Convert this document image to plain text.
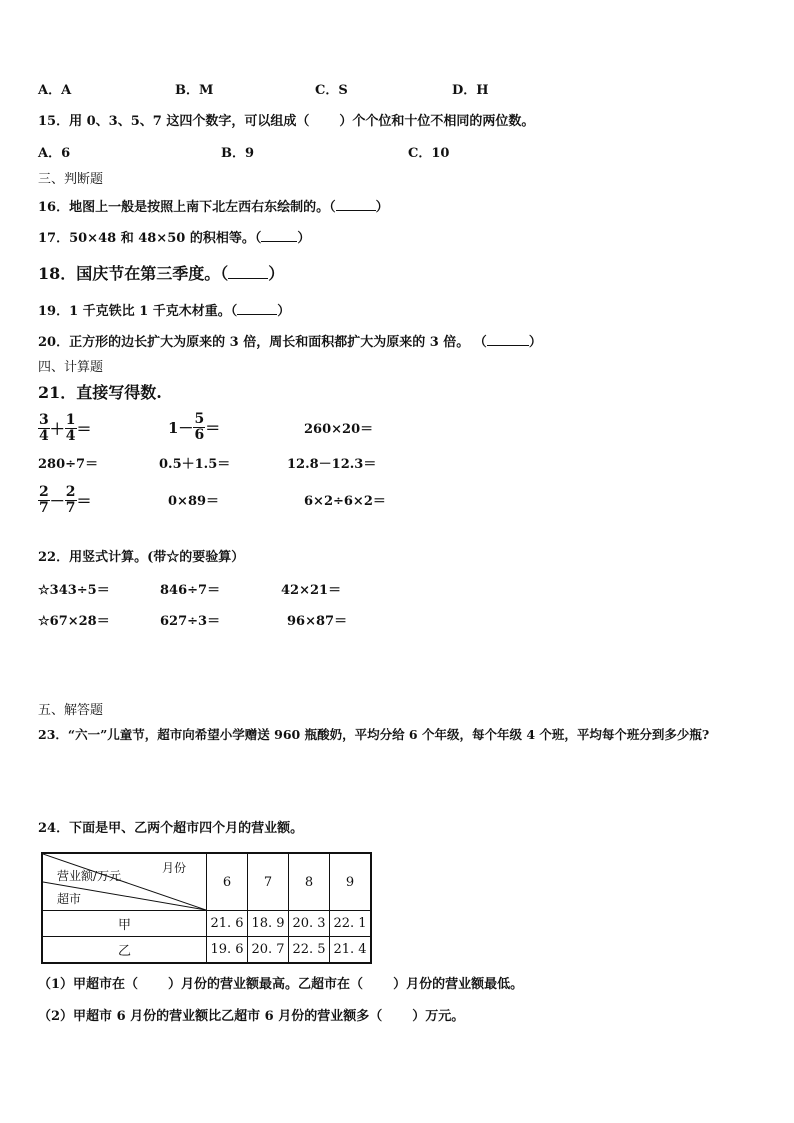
A．A	B．M	C．S	D．H
15．用 0、3、5、7 这四个数字，可以组成（ ）个个位和十位不相同的两位数。
A．6	B．9	C．10
三、判断题
16．地图上一般是按照上南下北左西右东绘制的。（	）
17．50×48 和 48×50 的积相等。（	）
18．国庆节在第三季度。（	）
19．1 千克铁比 1 千克木材重。（	）
20．正方形的边长扩大为原来的 3 倍，周长和面积都扩大为原来的 3 倍。 （	）
四、计算题
21．直接写得数.
$\frac{3}{4} + \frac{1}{4}$ ＝	$1- \frac{5}{6}$ ＝	260×20＝
280÷7＝	0.5＋1.5＝	12.8－12.3＝
$\frac{2}{7} - \frac{2}{7}$ ＝	0×89＝	6×2÷6×2＝
22．用竖式计算。(带☆的要验算）
☆343÷5＝	846÷7＝	42×21＝
☆67×28＝	627÷3＝	96×87＝
五、解答题
23．“六一”儿童节，超市向希望小学赠送 960 瓶酸奶，平均分给 6 个年级，每个年级 4 个班，平均每个班分到多少瓶?
24．下面是甲、乙两个超市四个月的营业额。
月份
营业额/万元
超市	6	7	8	9
甲	21. 6	18. 9	20. 3	22. 1
乙	19. 6	20. 7	22. 5	21. 4
（1）甲超市在（ ）月份的营业额最高。乙超市在（ ）月份的营业额最低。
（2）甲超市 6 月份的营业额比乙超市 6 月份的营业额多（ ）万元。
